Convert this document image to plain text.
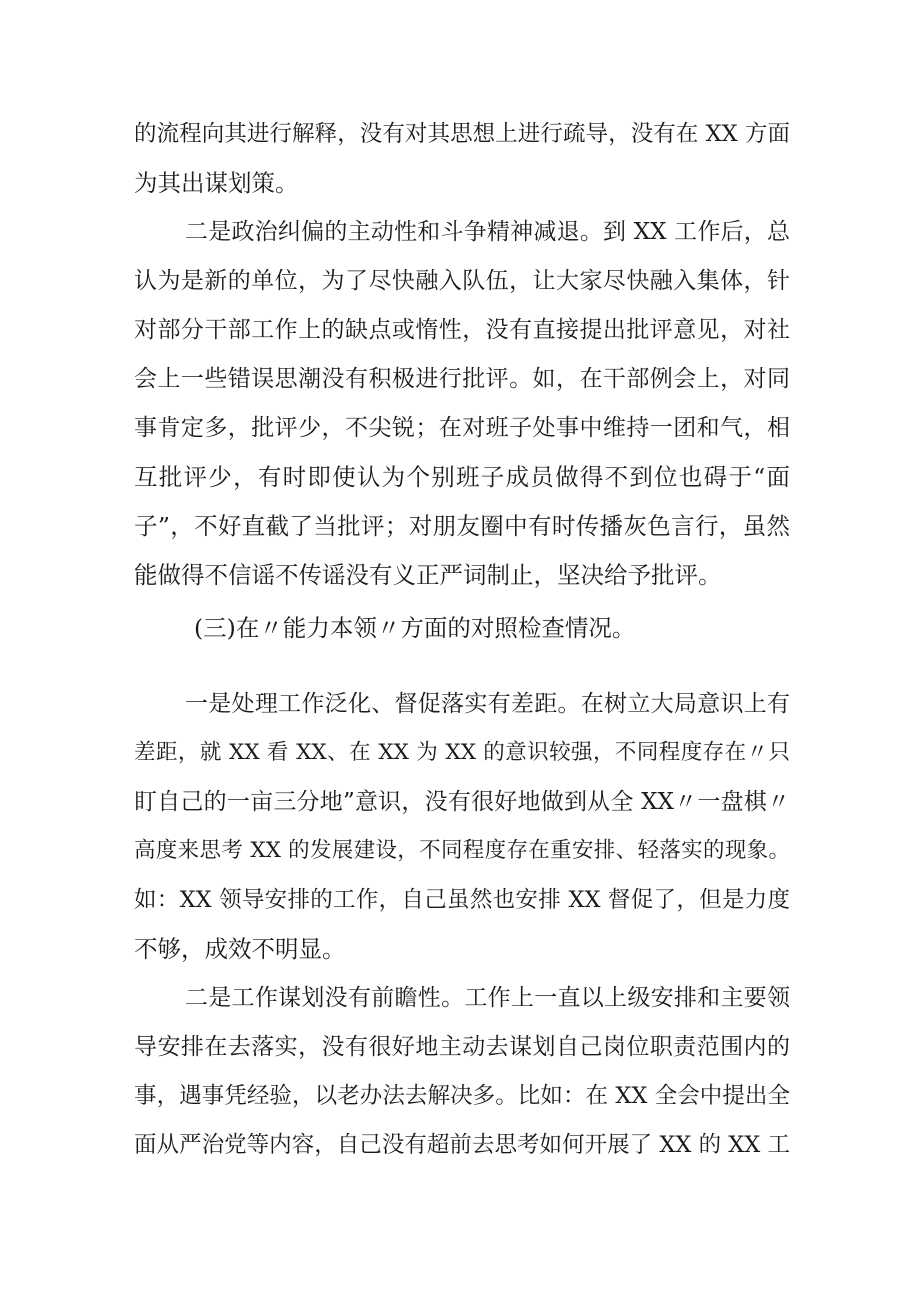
的流程向其进行解释，没有对其思想上进行疏导，没有在 XX 方面
为其出谋划策。
二是政治纠偏的主动性和斗争精神减退。到 XX 工作后，总
认为是新的单位，为了尽快融入队伍，让大家尽快融入集体，针
对部分干部工作上的缺点或惰性，没有直接提出批评意见，对社
会上一些错误思潮没有积极进行批评。如，在干部例会上，对同
事肯定多，批评少，不尖锐；在对班子处事中维持一团和气，相
互批评少，有时即使认为个别班子成员做得不到位也碍于“面
子”，不好直截了当批评；对朋友圈中有时传播灰色言行，虽然
能做得不信谣不传谣没有义正严词制止，坚决给予批评。
(三)在〃能力本领〃方面的对照检查情况。
一是处理工作泛化、督促落实有差距。在树立大局意识上有
差距，就 XX 看 XX、在 XX 为 XX 的意识较强，不同程度存在〃只
盯自己的一亩三分地”意识，没有很好地做到从全 XX〃一盘棋〃
高度来思考 XX 的发展建设，不同程度存在重安排、轻落实的现象。
如：XX 领导安排的工作，自己虽然也安排 XX 督促了，但是力度
不够，成效不明显。
二是工作谋划没有前瞻性。工作上一直以上级安排和主要领
导安排在去落实，没有很好地主动去谋划自己岗位职责范围内的
事，遇事凭经验，以老办法去解决多。比如：在 XX 全会中提出全
面从严治党等内容，自己没有超前去思考如何开展了 XX 的 XX 工
